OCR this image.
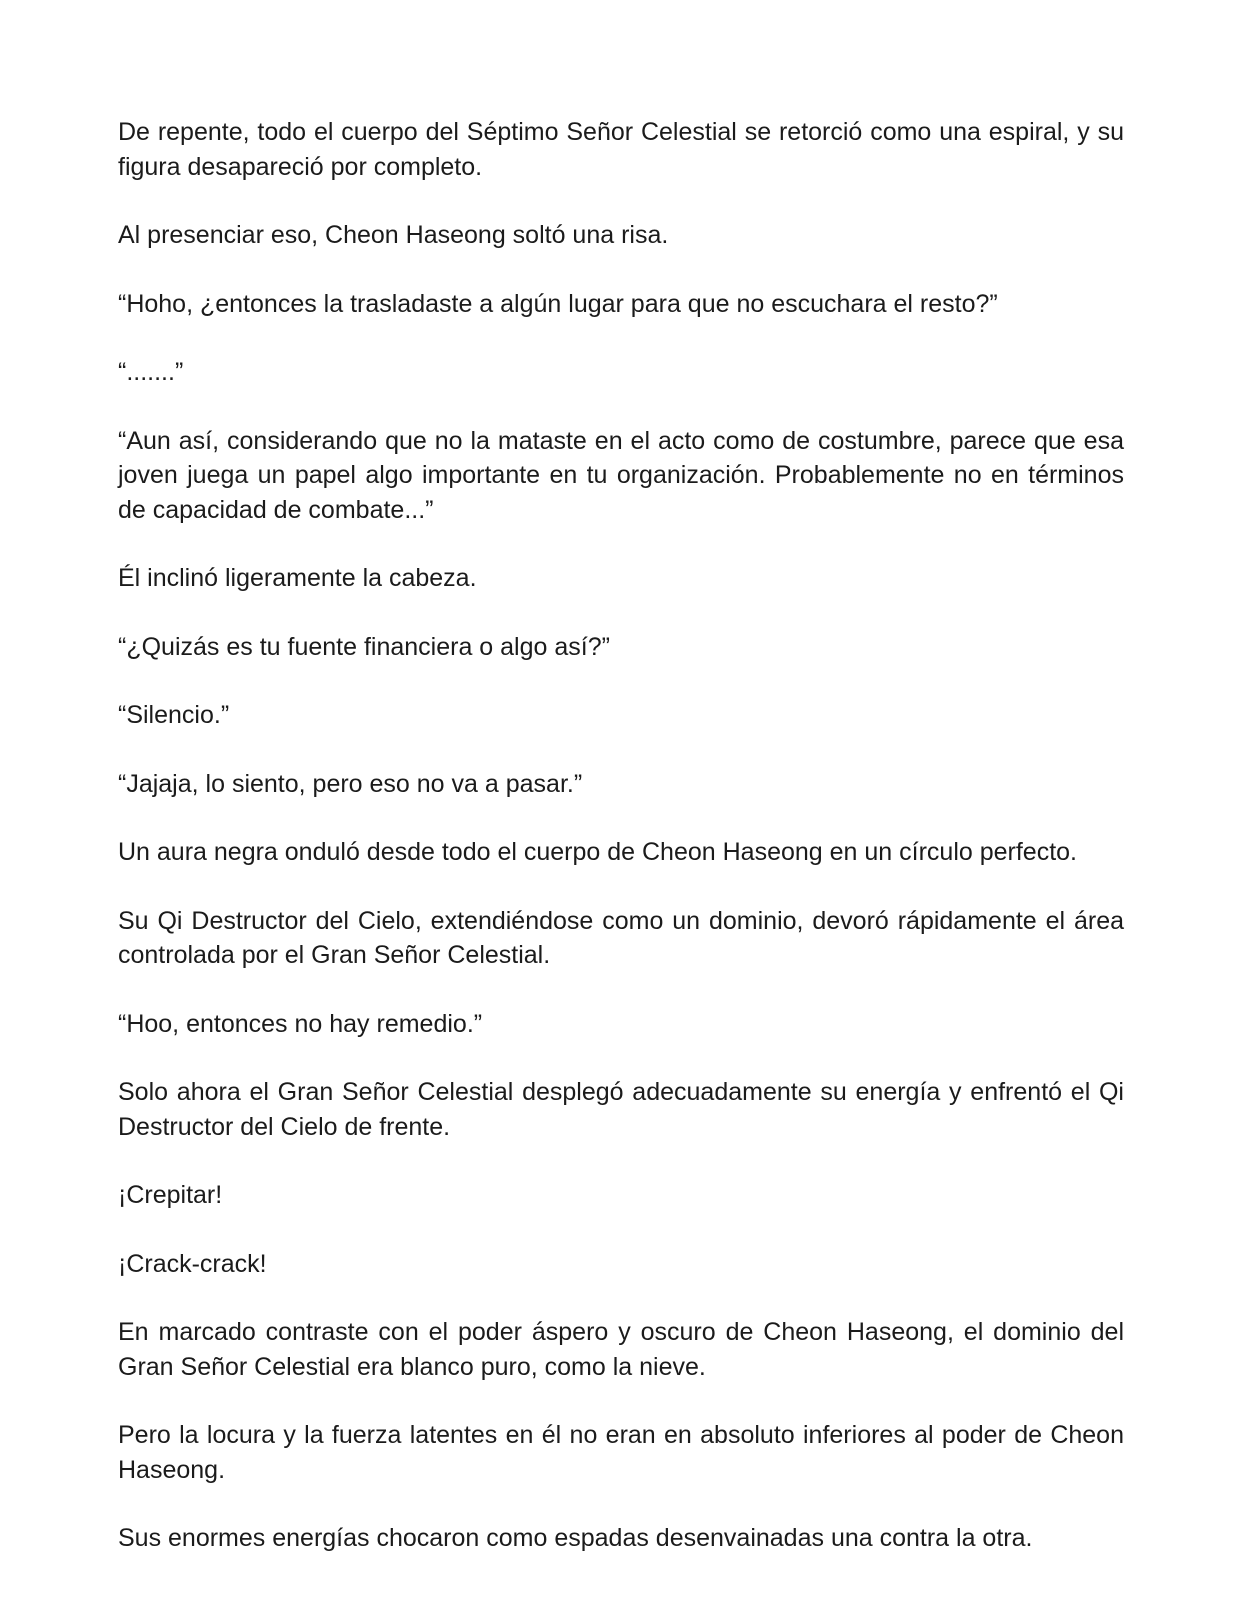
De repente, todo el cuerpo del Séptimo Señor Celestial se retorció como una espiral, y su figura desapareció por completo.

Al presenciar eso, Cheon Haseong soltó una risa.

“Hoho, ¿entonces la trasladaste a algún lugar para que no escuchara el resto?”

“.......”

“Aun así, considerando que no la mataste en el acto como de costumbre, parece que esa joven juega un papel algo importante en tu organización. Probablemente no en términos de capacidad de combate...”

Él inclinó ligeramente la cabeza.

“¿Quizás es tu fuente financiera o algo así?”

“Silencio.”

“Jajaja, lo siento, pero eso no va a pasar.”

Un aura negra onduló desde todo el cuerpo de Cheon Haseong en un círculo perfecto.

Su Qi Destructor del Cielo, extendiéndose como un dominio, devoró rápidamente el área controlada por el Gran Señor Celestial.

“Hoo, entonces no hay remedio.”

Solo ahora el Gran Señor Celestial desplegó adecuadamente su energía y enfrentó el Qi Destructor del Cielo de frente.

¡Crepitar!

¡Crack-crack!

En marcado contraste con el poder áspero y oscuro de Cheon Haseong, el dominio del Gran Señor Celestial era blanco puro, como la nieve.

Pero la locura y la fuerza latentes en él no eran en absoluto inferiores al poder de Cheon Haseong.

Sus enormes energías chocaron como espadas desenvainadas una contra la otra.
